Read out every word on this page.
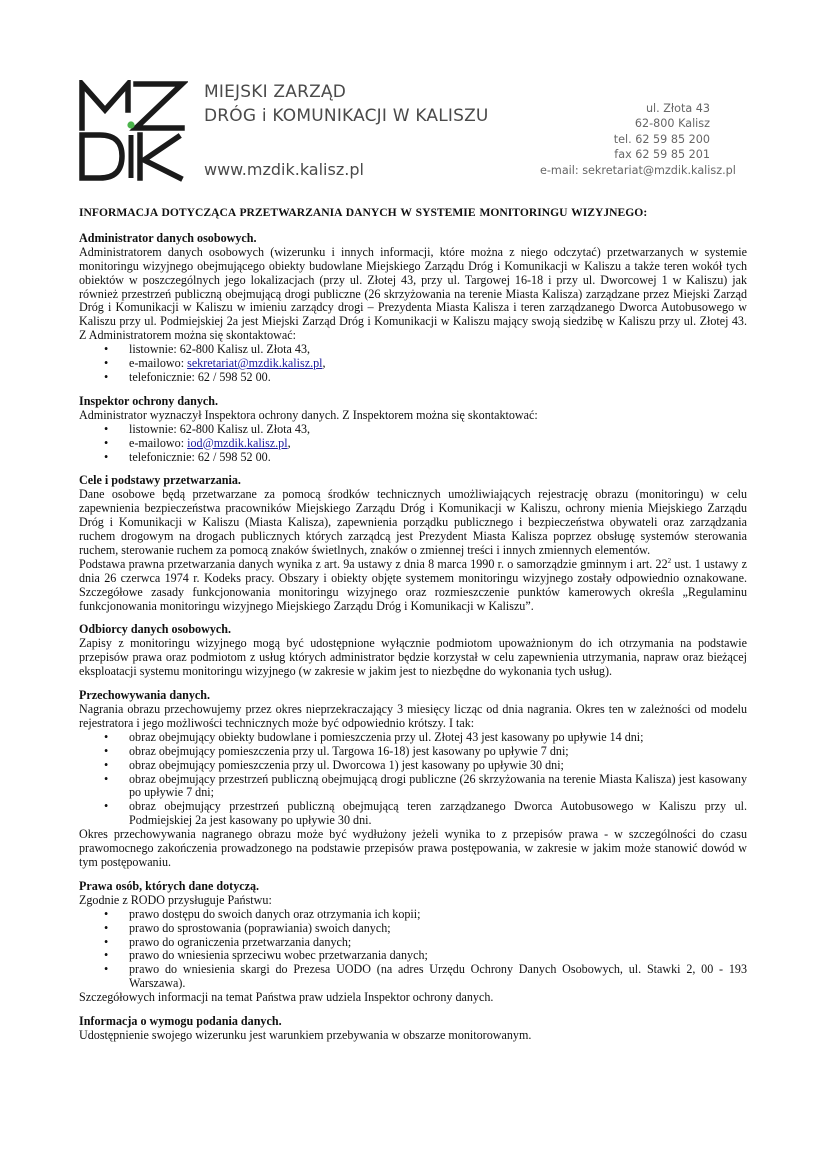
MIEJSKI ZARZĄD
DRÓG i KOMUNIKACJI W KALISZU
www.mzdik.kalisz.pl
ul. Złota 43
62-800 Kalisz
tel. 62 59 85 200
fax 62 59 85 201
e-mail: sekretariat@mzdik.kalisz.pl
INFORMACJA DOTYCZĄCA PRZETWARZANIA DANYCH W SYSTEMIE MONITORINGU WIZYJNEGO:
Administrator danych osobowych.
Administratorem danych osobowych (wizerunku i innych informacji, które można z niego odczytać) przetwarzanych w systemie monitoringu wizyjnego obejmującego obiekty budowlane Miejskiego Zarządu Dróg i Komunikacji w Kaliszu a także teren wokół tych obiektów w poszczególnych jego lokalizacjach (przy ul. Złotej 43, przy ul. Targowej 16-18 i przy ul. Dworcowej 1 w Kaliszu) jak również przestrzeń publiczną obejmującą drogi publiczne (26 skrzyżowania na terenie Miasta Kalisza) zarządzane przez Miejski Zarząd Dróg i Komunikacji w Kaliszu w imieniu zarządcy drogi – Prezydenta Miasta Kalisza i teren zarządzanego Dworca Autobusowego w Kaliszu przy ul. Podmiejskiej 2a jest Miejski Zarząd Dróg i Komunikacji w Kaliszu mający swoją siedzibę w Kaliszu przy ul. Złotej 43. Z Administratorem można się skontaktować:
• listownie: 62-800 Kalisz ul. Złota 43,
• e-mailowo: sekretariat@mzdik.kalisz.pl,
• telefonicznie: 62 / 598 52 00.
Inspektor ochrony danych.
Administrator wyznaczył Inspektora ochrony danych. Z Inspektorem można się skontaktować:
• listownie: 62-800 Kalisz ul. Złota 43,
• e-mailowo: iod@mzdik.kalisz.pl,
• telefonicznie: 62 / 598 52 00.
Cele i podstawy przetwarzania.
Dane osobowe będą przetwarzane za pomocą środków technicznych umożliwiających rejestrację obrazu (monitoringu) w celu zapewnienia bezpieczeństwa pracowników Miejskiego Zarządu Dróg i Komunikacji w Kaliszu, ochrony mienia Miejskiego Zarządu Dróg i Komunikacji w Kaliszu (Miasta Kalisza), zapewnienia porządku publicznego i bezpieczeństwa obywateli oraz zarządzania ruchem drogowym na drogach publicznych których zarządcą jest Prezydent Miasta Kalisza poprzez obsługę systemów sterowania ruchem, sterowanie ruchem za pomocą znaków świetlnych, znaków o zmiennej treści i innych zmiennych elementów.
Podstawa prawna przetwarzania danych wynika z art. 9a ustawy z dnia 8 marca 1990 r. o samorządzie gminnym i art. $22^2$ ust. 1 ustawy z dnia 26 czerwca 1974 r. Kodeks pracy. Obszary i obiekty objęte systemem monitoringu wizyjnego zostały odpowiednio oznakowane. Szczegółowe zasady funkcjonowania monitoringu wizyjnego oraz rozmieszczenie punktów kamerowych określa „Regulaminu funkcjonowania monitoringu wizyjnego Miejskiego Zarządu Dróg i Komunikacji w Kaliszu”.
Odbiorcy danych osobowych.
Zapisy z monitoringu wizyjnego mogą być udostępnione wyłącznie podmiotom upoważnionym do ich otrzymania na podstawie przepisów prawa oraz podmiotom z usług których administrator będzie korzystał w celu zapewnienia utrzymania, napraw oraz bieżącej eksploatacji systemu monitoringu wizyjnego (w zakresie w jakim jest to niezbędne do wykonania tych usług).
Przechowywania danych.
Nagrania obrazu przechowujemy przez okres nieprzekraczający 3 miesięcy licząc od dnia nagrania. Okres ten w zależności od modelu rejestratora i jego możliwości technicznych może być odpowiednio krótszy. I tak:
• obraz obejmujący obiekty budowlane i pomieszczenia przy ul. Złotej 43 jest kasowany po upływie 14 dni;
• obraz obejmujący pomieszczenia przy ul. Targowa 16-18) jest kasowany po upływie 7 dni;
• obraz obejmujący pomieszczenia przy ul. Dworcowa 1) jest kasowany po upływie 30 dni;
• obraz obejmujący przestrzeń publiczną obejmującą drogi publiczne (26 skrzyżowania na terenie Miasta Kalisza) jest kasowany po upływie 7 dni;
• obraz obejmujący przestrzeń publiczną obejmującą teren zarządzanego Dworca Autobusowego w Kaliszu przy ul. Podmiejskiej 2a jest kasowany po upływie 30 dni.
Okres przechowywania nagranego obrazu może być wydłużony jeżeli wynika to z przepisów prawa - w szczególności do czasu prawomocnego zakończenia prowadzonego na podstawie przepisów prawa postępowania, w zakresie w jakim może stanowić dowód w tym postępowaniu.
Prawa osób, których dane dotyczą.
Zgodnie z RODO przysługuje Państwu:
• prawo dostępu do swoich danych oraz otrzymania ich kopii;
• prawo do sprostowania (poprawiania) swoich danych;
• prawo do ograniczenia przetwarzania danych;
• prawo do wniesienia sprzeciwu wobec przetwarzania danych;
• prawo do wniesienia skargi do Prezesa UODO (na adres Urzędu Ochrony Danych Osobowych, ul. Stawki 2, 00 - 193 Warszawa).
Szczegółowych informacji na temat Państwa praw udziela Inspektor ochrony danych.
Informacja o wymogu podania danych.
Udostępnienie swojego wizerunku jest warunkiem przebywania w obszarze monitorowanym.
